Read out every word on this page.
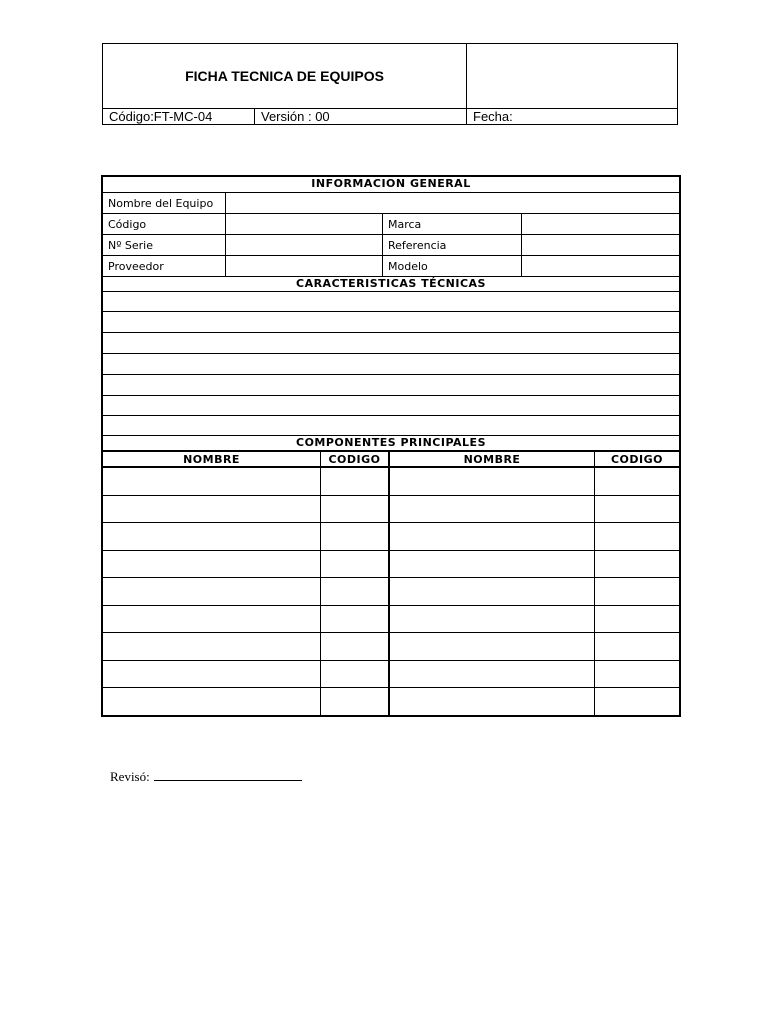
FICHA TECNICA DE EQUIPOS
Código:FT-MC-04	Versión : 00	Fecha:
INFORMACION GENERAL
Nombre del Equipo
Código	Marca
Nº Serie	Referencia
Proveedor	Modelo
CARACTERISTICAS TÉCNICAS
COMPONENTES PRINCIPALES
NOMBRE	CODIGO	NOMBRE	CODIGO
Revisó:
